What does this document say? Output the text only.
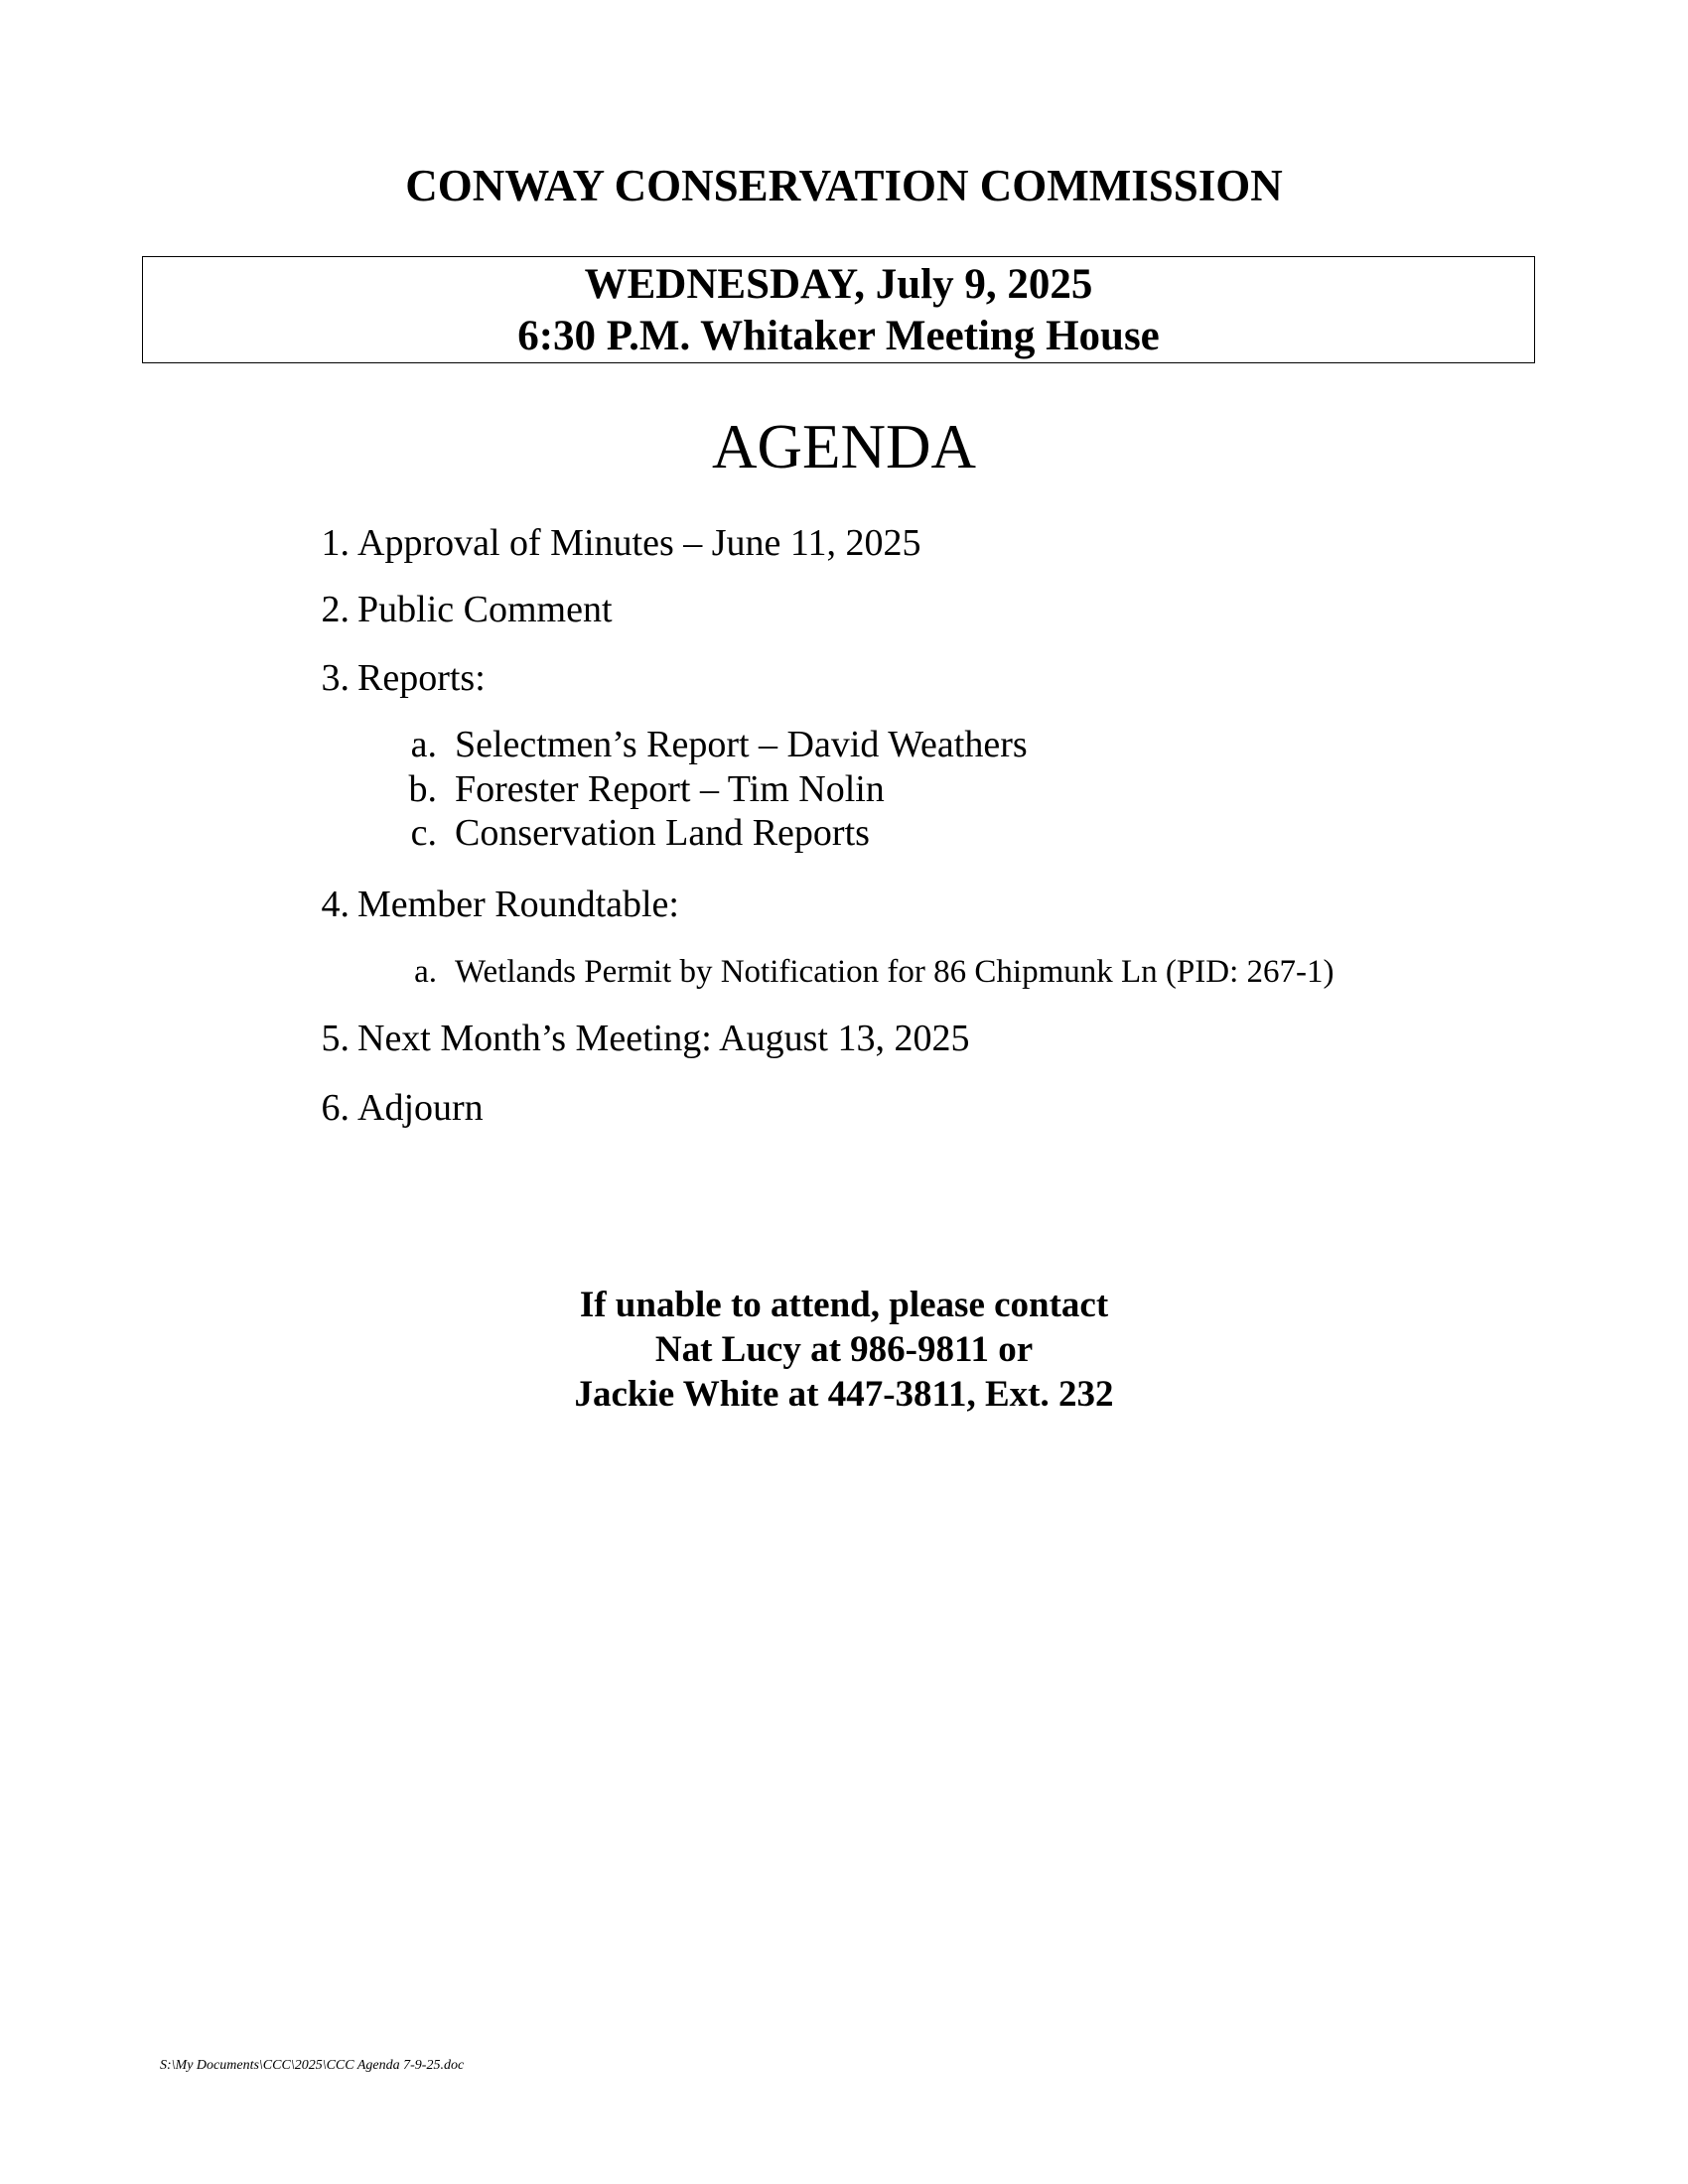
CONWAY CONSERVATION COMMISSION
WEDNESDAY, July 9, 2025
6:30 P.M. Whitaker Meeting House
AGENDA
1. Approval of Minutes – June 11, 2025
2. Public Comment
3. Reports:
a. Selectmen’s Report – David Weathers
b. Forester Report – Tim Nolin
c. Conservation Land Reports
4. Member Roundtable:
a. Wetlands Permit by Notification for 86 Chipmunk Ln (PID: 267-1)
5. Next Month’s Meeting: August 13, 2025
6. Adjourn
If unable to attend, please contact
Nat Lucy at 986-9811 or
Jackie White at 447-3811, Ext. 232
S:\My Documents\CCC\2025\CCC Agenda 7-9-25.doc
